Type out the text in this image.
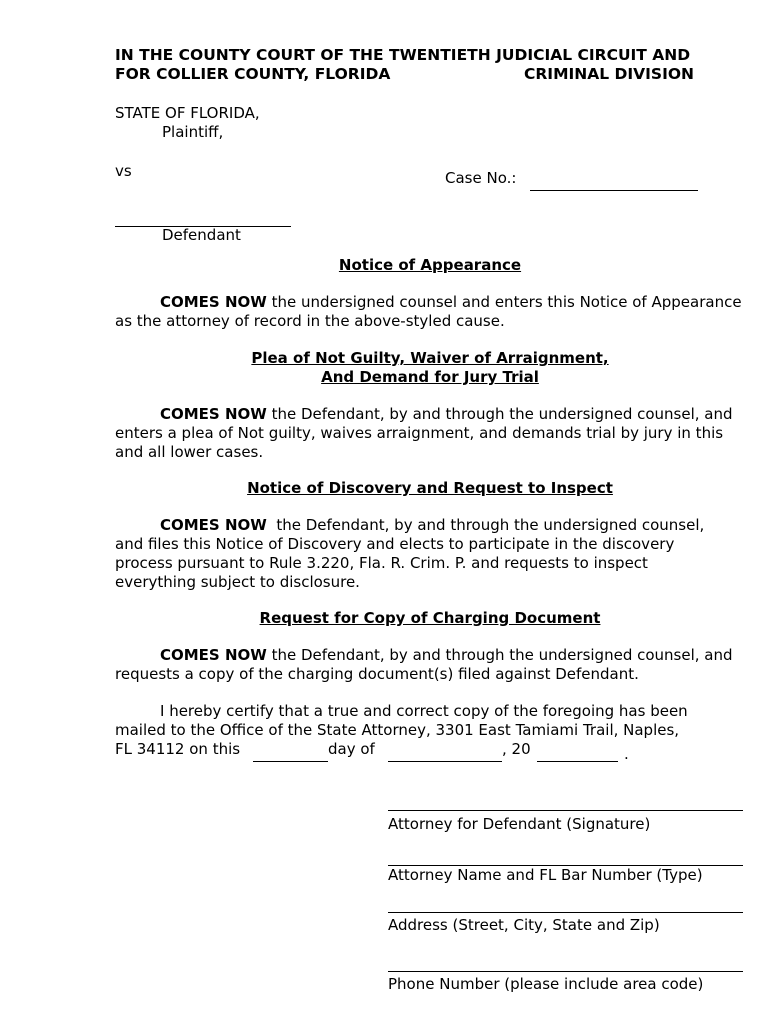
IN THE COUNTY COURT OF THE TWENTIETH JUDICIAL CIRCUIT AND
FOR COLLIER COUNTY, FLORIDA	CRIMINAL DIVISION
STATE OF FLORIDA,
Plaintiff,
vs	Case No.:
Defendant
Notice of Appearance
COMES NOW the undersigned counsel and enters this Notice of Appearance
as the attorney of record in the above-styled cause.
Plea of Not Guilty, Waiver of Arraignment,
And Demand for Jury Trial
COMES NOW the Defendant, by and through the undersigned counsel, and
enters a plea of Not guilty, waives arraignment, and demands trial by jury in this
and all lower cases.
Notice of Discovery and Request to Inspect
COMES NOW  the Defendant, by and through the undersigned counsel,
and files this Notice of Discovery and elects to participate in the discovery
process pursuant to Rule 3.220, Fla. R. Crim. P. and requests to inspect
everything subject to disclosure.
Request for Copy of Charging Document
COMES NOW the Defendant, by and through the undersigned counsel, and
requests a copy of the charging document(s) filed against Defendant.
I hereby certify that a true and correct copy of the foregoing has been
mailed to the Office of the State Attorney, 3301 East Tamiami Trail, Naples,
FL 34112 on this	day of	, 20	.
Attorney for Defendant (Signature)
Attorney Name and FL Bar Number (Type)
Address (Street, City, State and Zip)
Phone Number (please include area code)
